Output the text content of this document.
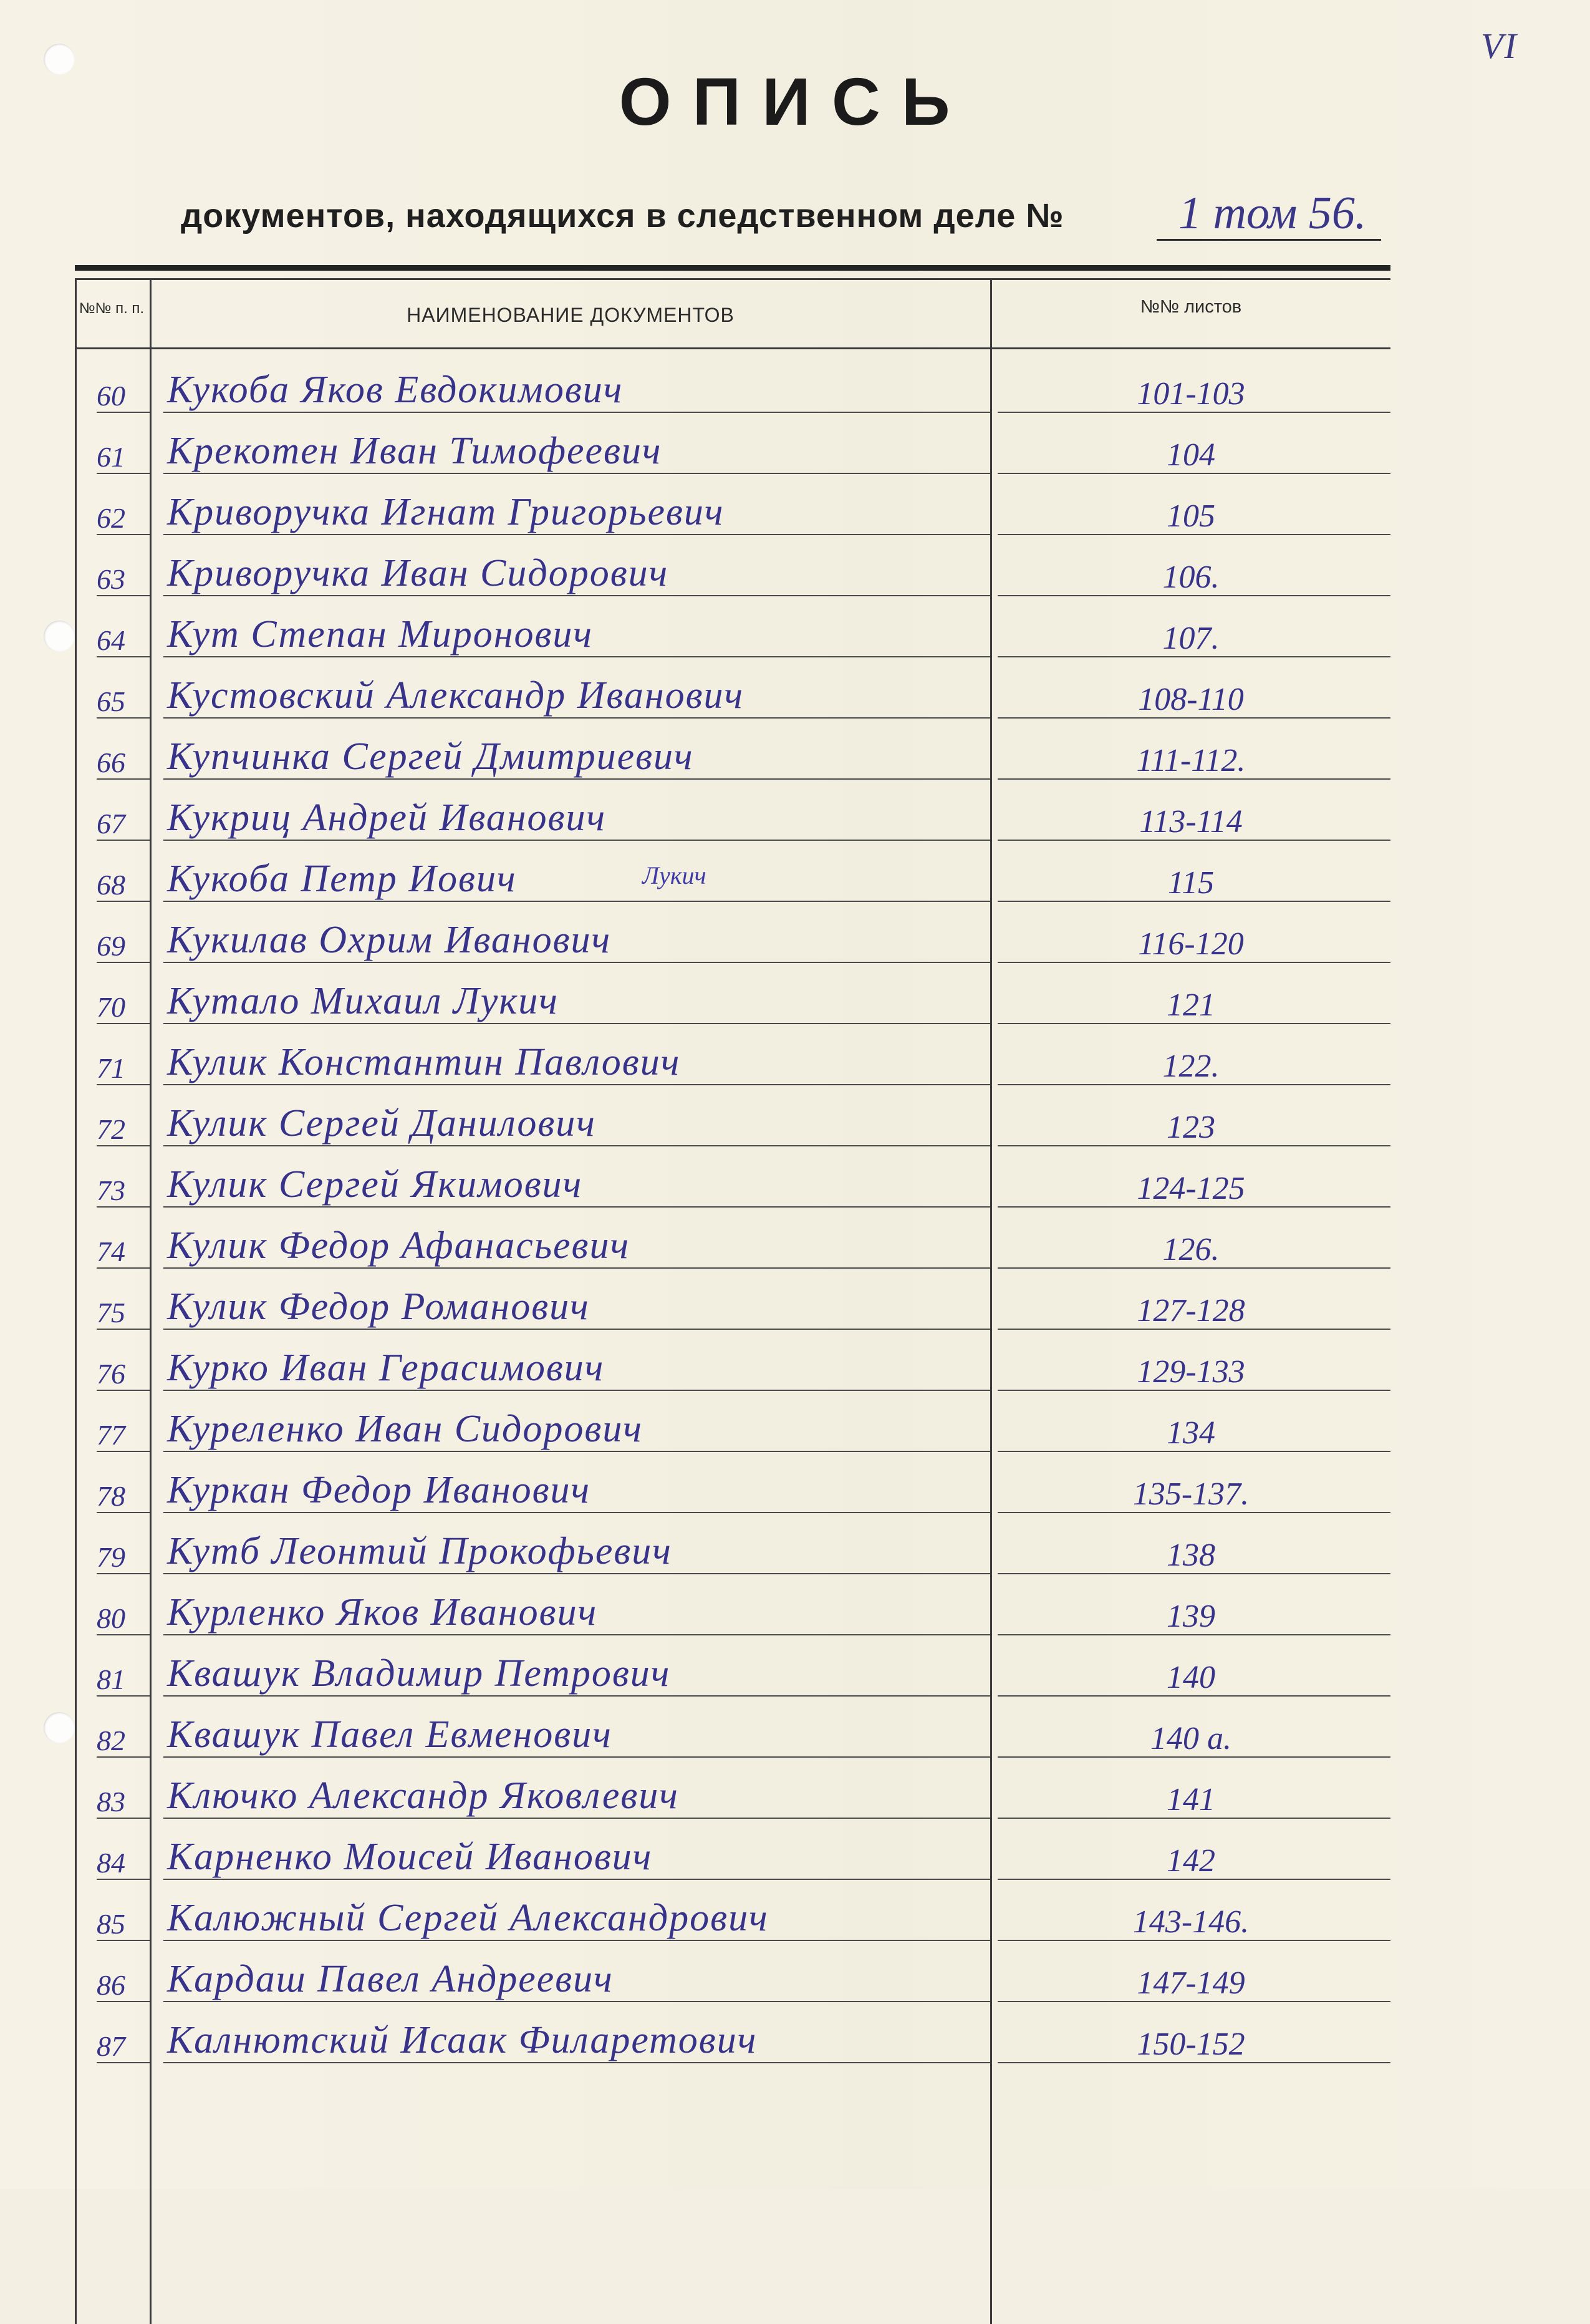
VI
ОПИСЬ
документов, находящихся в следственном деле № 1 том 56.
№№ п. п.	НАИМЕНОВАНИЕ ДОКУМЕНТОВ	№№ листов
60	Кукоба Яков Евдокимович	101-103
61	Крекотен Иван Тимофеевич	104
62	Криворучка Игнат Григорьевич	105
63	Криворучка Иван Сидорович	106.
64	Кут Степан Миронович	107.
65	Кустовский Александр Иванович	108-110
66	Купчинка Сергей Дмитриевич	111-112.
67	Кукриц Андрей Иванович	113-114
68	Кукоба Петр Иович	115
69	Кукилав Охрим Иванович	116-120
70	Кутало Михаил Лукич	121
71	Кулик Константин Павлович	122.
72	Кулик Сергей Данилович	123
73	Кулик Сергей Якимович	124-125
74	Кулик Федор Афанасьевич	126.
75	Кулик Федор Романович	127-128
76	Курко Иван Герасимович	129-133
77	Куреленко Иван Сидорович	134
78	Куркан Федор Иванович	135-137.
79	Кутб Леонтий Прокофьевич	138
80	Курленко Яков Иванович	139
81	Квашук Владимир Петрович	140
82	Квашук Павел Евменович	140 а.
83	Ключко Александр Яковлевич	141
84	Карненко Моисей Иванович	142
85	Калюжный Сергей Александрович	143-146.
86	Кардаш Павел Андреевич	147-149
87	Калнютский Исаак Филаретович	150-152
Лукич
